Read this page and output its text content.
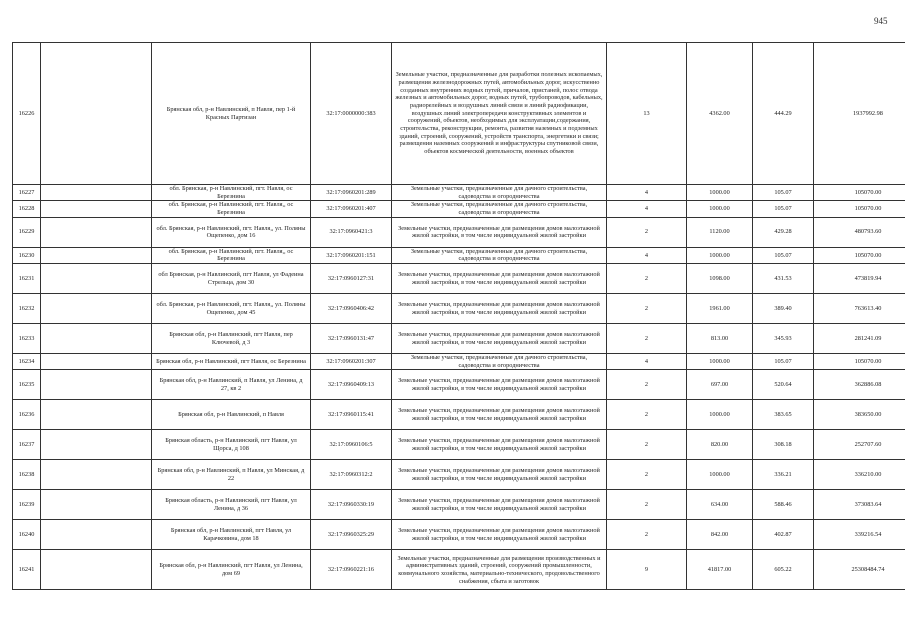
945
16226		Брянская обл, р-н Навлинский, п Навля, пер 1-й Красных Партизан	32:17:0000000:383	Земельные участки, предназначенные для разработки полезных ископаемых, размещения железнодорожных путей, автомобильных дорог, искусственно созданных внутренних водных путей, причалов, пристаней, полос отвода железных и автомобильных дорог, водных путей, трубопроводов, кабельных, радиорелейных и воздушных линий связи и линий радиофикации, воздушных линий электропередачи конструктивных элементов и сооружений, объектов, необходимых для эксплуатации,содержания, строительства, реконструкции, ремонта, развития наземных и подземных зданий, строений, сооружений, устройств транспорта, энергетики и связи; размещения наземных сооружений и инфраструктуры спутниковой связи, объектов космической деятельности, военных объектов	13	4362.00	444.29	1937992.98
16227		обл. Брянская, р-н Навлинский, пгт. Навля, ос Березнина	32:17:0960201:289	Земельные участки, предназначенные для дачного строительства, садоводства и огородничества	4	1000.00	105.07	105070.00
16228		обл. Брянская, р-н Навлинский, пгт. Навля,, ос Березнина	32:17:0960201:407	Земельные участки, предназначенные для дачного строительства, садоводства и огородничества	4	1000.00	105.07	105070.00
16229		обл. Брянская, р-н Навлинский, пгт. Навля,, ул. Поляны Ощепенко, дом 16	32:17:0960421:3	Земельные участки, предназначенные для размещения домов малоэтажной жилой застройки, в том числе индивидуальной жилой застройки	2	1120.00	429.28	480793.60
16230		обл. Брянская, р-н Навлинский, пгт. Навля,, ос Березнина	32:17:0960201:151	Земельные участки, предназначенные для дачного строительства, садоводства и огородничества	4	1000.00	105.07	105070.00
16231		обл Брянская, р-н Навлинский, пгт Навля, ул Фадеина Стрельца, дом 30	32:17:0960127:31	Земельные участки, предназначенные для размещения домов малоэтажной жилой застройки, в том числе индивидуальной жилой застройки	2	1098.00	431.53	473819.94
16232		обл. Брянская, р-н Навлинский, пгт. Навля,, ул. Поляны Ощепенко, дом 45	32:17:0960406:42	Земельные участки, предназначенные для размещения домов малоэтажной жилой застройки, в том числе индивидуальной жилой застройки	2	1961.00	389.40	763613.40
16233		Брянская обл, р-н Навлинский, пгт Навля, пер Ключевой, д 3	32:17:0960131:47	Земельные участки, предназначенные для размещения домов малоэтажной жилой застройки, в том числе индивидуальной жилой застройки	2	813.00	345.93	281241.09
16234		Брянская обл, р-н Навлинский, пгт Навля, ос Березнина	32:17:0960201:307	Земельные участки, предназначенные для дачного строительства, садоводства и огородничества	4	1000.00	105.07	105070.00
16235		Брянская обл, р-н Навлинский, п Навля, ул Ленина, д 27, кв 2	32:17:0960409:13	Земельные участки, предназначенные для размещения домов малоэтажной жилой застройки, в том числе индивидуальной жилой застройки	2	697.00	520.64	362886.08
16236		Брянская обл, р-н Навлинский, п Навля	32:17:0960115:41	Земельные участки, предназначенные для размещения домов малоэтажной жилой застройки, в том числе индивидуальной жилой застройки	2	1000.00	383.65	383650.00
16237		Брянская область, р-н Навлинский, пгт Навля, ул Щорса, д 108	32:17:0960106:5	Земельные участки, предназначенные для размещения домов малоэтажной жилой застройки, в том числе индивидуальной жилой застройки	2	820.00	308.18	252707.60
16238		Брянская обл, р-н Навлинский, п Навля, ул Минская, д 22	32:17:0960312:2	Земельные участки, предназначенные для размещения домов малоэтажной жилой застройки, в том числе индивидуальной жилой застройки	2	1000.00	336.21	336210.00
16239		Брянская область, р-н Навлинский, пгт Навля, ул Ленина, д 36	32:17:0960330:19	Земельные участки, предназначенные для размещения домов малоэтажной жилой застройки, в том числе индивидуальной жилой застройки	2	634.00	588.46	373083.64
16240		Брянская обл, р-н Навлинский, пгт Навля, ул Карачковина, дом 18	32:17:0960325:29	Земельные участки, предназначенные для размещения домов малоэтажной жилой застройки, в том числе индивидуальной жилой застройки	2	842.00	402.87	339216.54
16241		Брянская обл, р-н Навлинский, пгт Навля, ул Ленина, дом 69	32:17:0960221:16	Земельные участки, предназначенные для размещения производственных и административных зданий, строений, сооружений промышленности, коммунального хозяйства, материально-технического, продовольственного снабжения, сбыта и заготовок	9	41817.00	605.22	25308484.74
